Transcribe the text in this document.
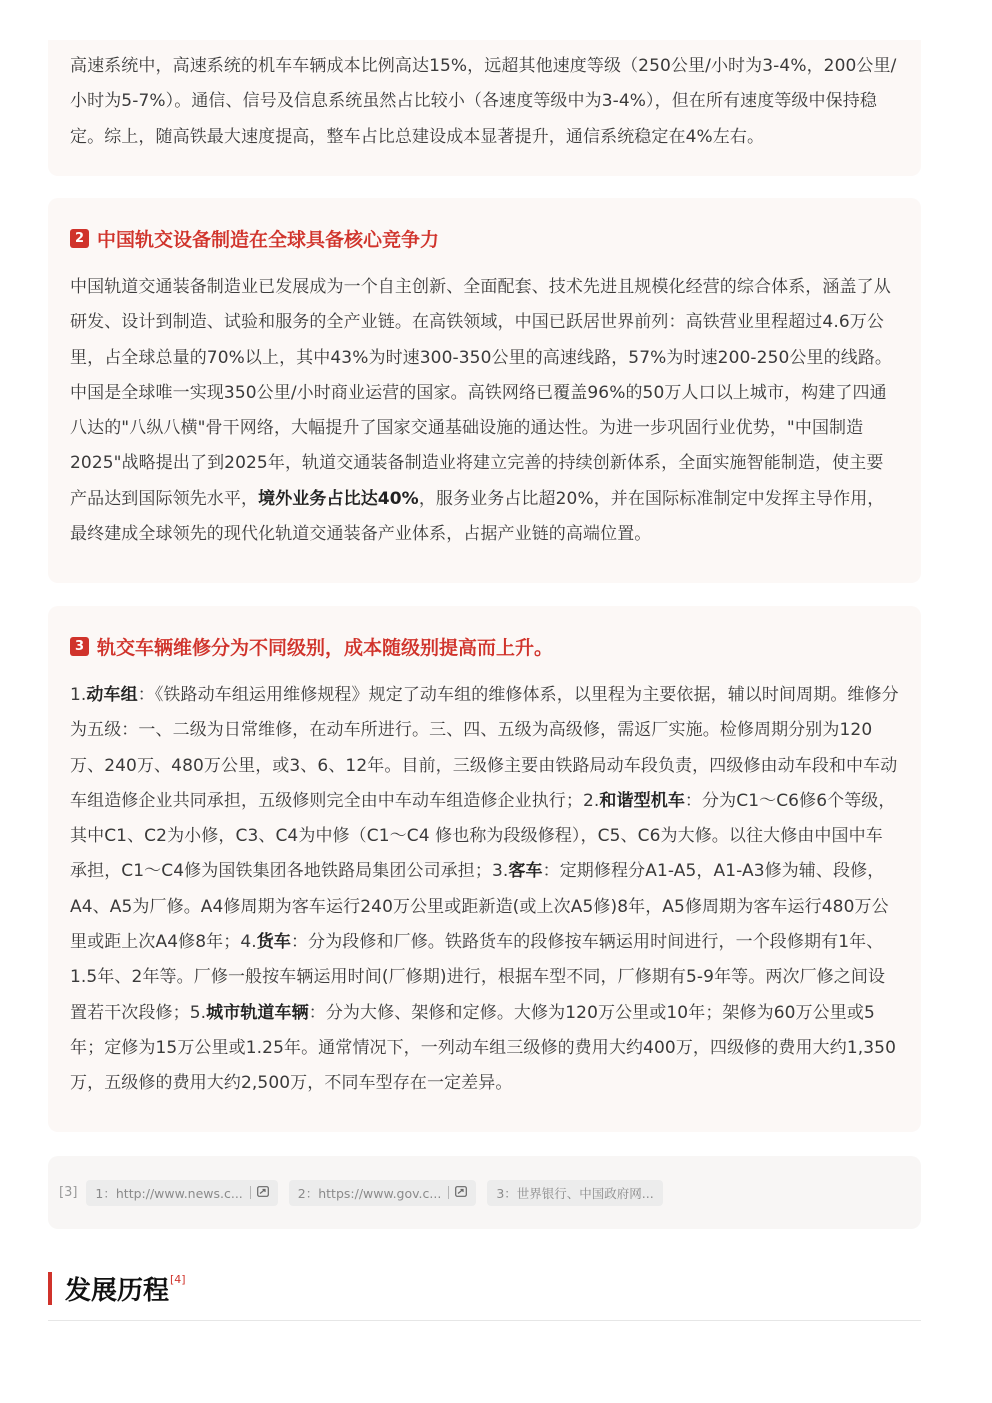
高速系统中，高速系统的机车车辆成本比例高达15%，远超其他速度等级（250公里/小时为3-4%，200公里/小时为5-7%）。通信、信号及信息系统虽然占比较小（各速度等级中为3-4%），但在所有速度等级中保持稳定。综上，随高铁最大速度提高，整车占比总建设成本显著提升，通信系统稳定在4%左右。

2 中国轨交设备制造在全球具备核心竞争力

中国轨道交通装备制造业已发展成为一个自主创新、全面配套、技术先进且规模化经营的综合体系，涵盖了从研发、设计到制造、试验和服务的全产业链。在高铁领域，中国已跃居世界前列：高铁营业里程超过4.6万公里，占全球总量的70%以上，其中43%为时速300-350公里的高速线路，57%为时速200-250公里的线路。中国是全球唯一实现350公里/小时商业运营的国家。高铁网络已覆盖96%的50万人口以上城市，构建了四通八达的"八纵八横"骨干网络，大幅提升了国家交通基础设施的通达性。为进一步巩固行业优势，"中国制造2025"战略提出了到2025年，轨道交通装备制造业将建立完善的持续创新体系，全面实施智能制造，使主要产品达到国际领先水平，境外业务占比达40%，服务业务占比超20%，并在国际标准制定中发挥主导作用，最终建成全球领先的现代化轨道交通装备产业体系，占据产业链的高端位置。

3 轨交车辆维修分为不同级别，成本随级别提高而上升。

1.动车组：《铁路动车组运用维修规程》规定了动车组的维修体系，以里程为主要依据，辅以时间周期。维修分为五级：一、二级为日常维修，在动车所进行。三、四、五级为高级修，需返厂实施。检修周期分别为120万、240万、480万公里，或3、6、12年。目前，三级修主要由铁路局动车段负责，四级修由动车段和中车动车组造修企业共同承担，五级修则完全由中车动车组造修企业执行；2.和谐型机车：分为C1～C6修6个等级，其中C1、C2为小修，C3、C4为中修（C1～C4 修也称为段级修程），C5、C6为大修。以往大修由中国中车承担，C1～C4修为国铁集团各地铁路局集团公司承担；3.客车：定期修程分A1-A5，A1-A3修为辅、段修，A4、A5为厂修。A4修周期为客车运行240万公里或距新造(或上次A5修)8年，A5修周期为客车运行480万公里或距上次A4修8年；4.货车：分为段修和厂修。铁路货车的段修按车辆运用时间进行，一个段修期有1年、1.5年、2年等。厂修一般按车辆运用时间(厂修期)进行，根据车型不同，厂修期有5-9年等。两次厂修之间设置若干次段修；5.城市轨道车辆：分为大修、架修和定修。大修为120万公里或10年；架修为60万公里或5年；定修为15万公里或1.25年。通常情况下，一列动车组三级修的费用大约400万，四级修的费用大约1,350万，五级修的费用大约2,500万，不同车型存在一定差异。

[3] 1：http://www.news.c...	2：https://www.gov.c...	3：世界银行、中国政府网...
发展历程 [4]
